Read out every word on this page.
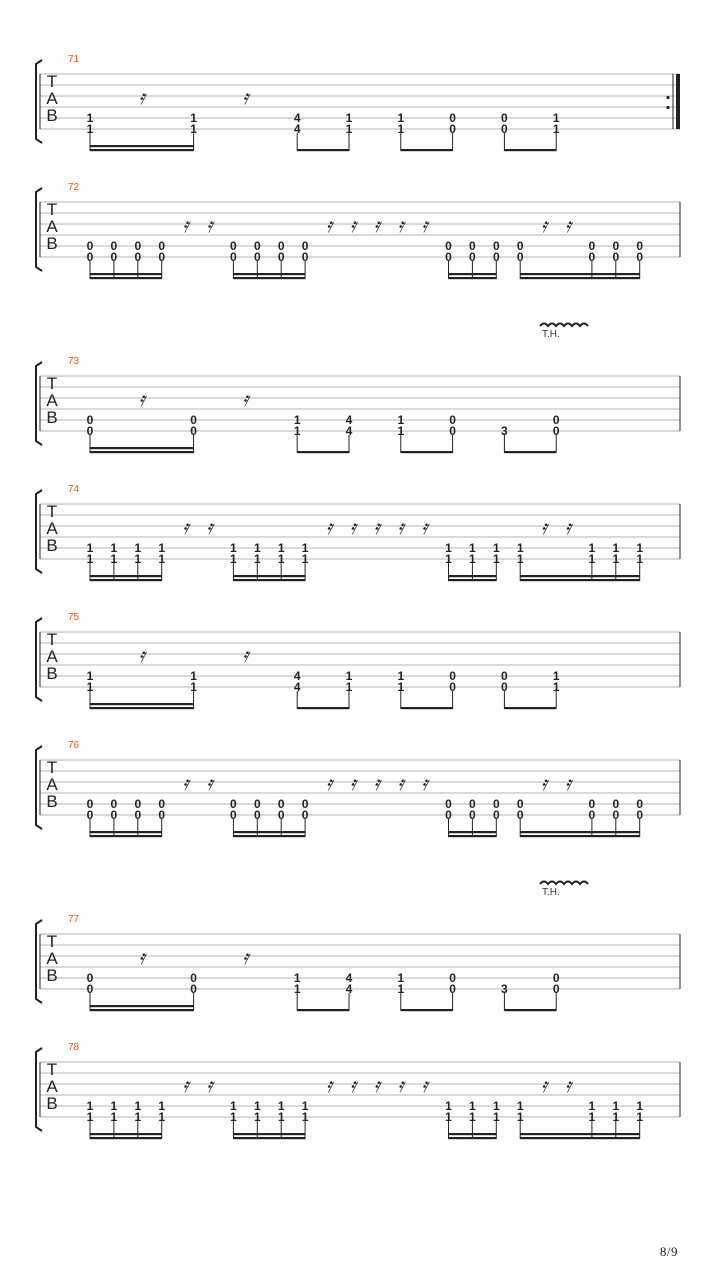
71
T
A
B 1
1
1
1
4
4
1
1
1
1
0
0
0
0
1
1
𝄿	𝄿
72
T
A
B 0
0
0
0
0
0
0
0
0
0
0
0
0
0
0
0
0
0
0
0
0
0
0
0
0
0
0
0
0
0
𝄿 𝄿	𝄿 𝄿 𝄿 𝄿 𝄿	𝄿 𝄿
73
T
A
B
T.H.
0
0
0
0
1
1
4
4
1
1
0
0	3
0
0
𝄿	𝄿
74
T
A
B 1
1
1
1
1
1
1
1
1
1
1
1
1
1
1
1
1
1
1
1
1
1
1
1
1
1
1
1
1
1
𝄿 𝄿	𝄿 𝄿 𝄿 𝄿 𝄿	𝄿 𝄿
75
T
A
B 1
1
1
1
4
4
1
1
1
1
0
0
0
0
1
1
𝄿	𝄿
76
T
A
B 0
0
0
0
0
0
0
0
0
0
0
0
0
0
0
0
0
0
0
0
0
0
0
0
0
0
0
0
0
0
𝄿 𝄿	𝄿 𝄿 𝄿 𝄿 𝄿	𝄿 𝄿
77
T
A
B
T.H.
0
0
0
0
1
1
4
4
1
1
0
0	3
0
0
𝄿	𝄿
78
T
A
B 1
1
1
1
1
1
1
1
1
1
1
1
1
1
1
1
1
1
1
1
1
1
1
1
1
1
1
1
1
1
𝄿 𝄿	𝄿 𝄿 𝄿 𝄿 𝄿	𝄿 𝄿
8/9
